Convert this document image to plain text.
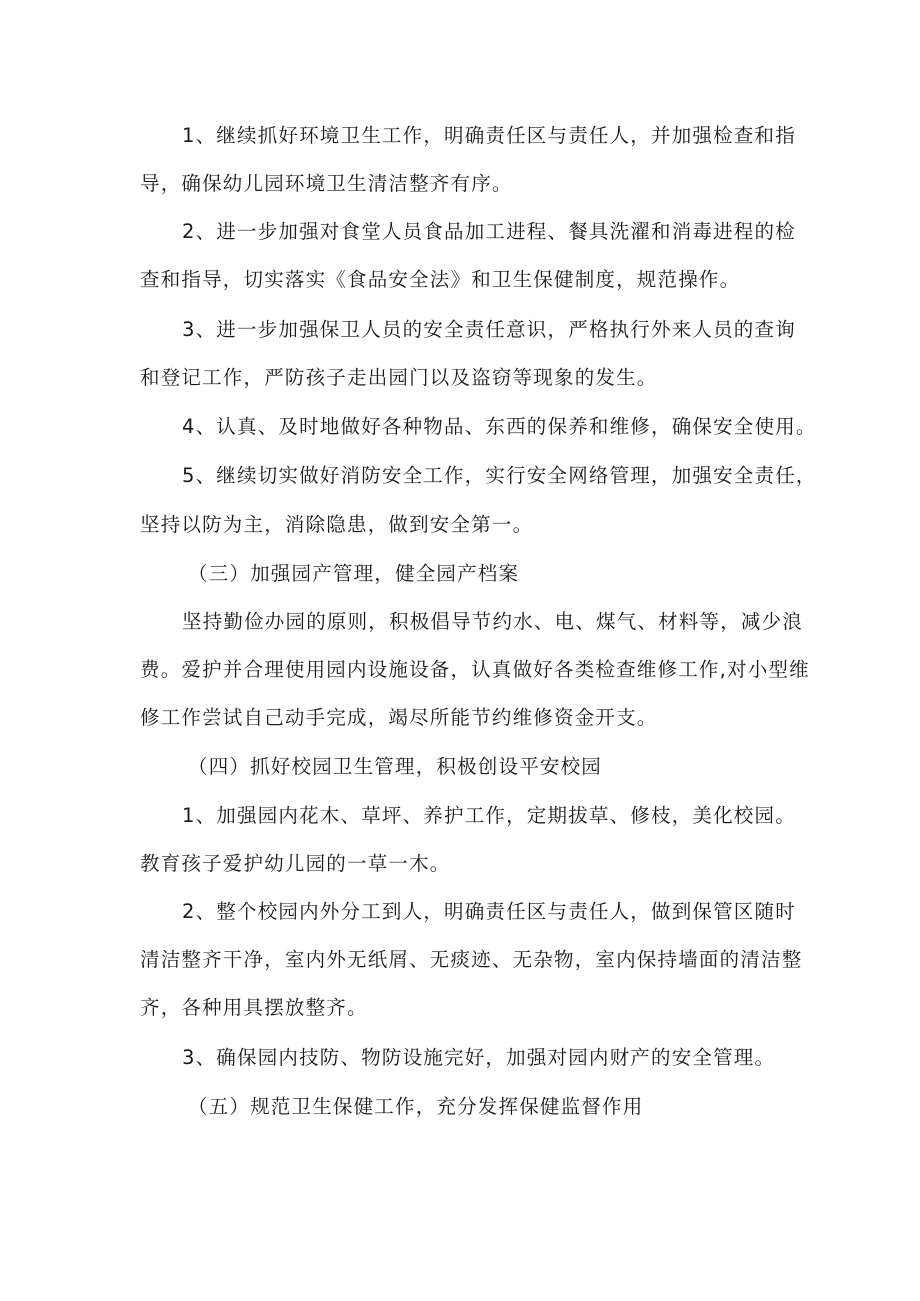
1、继续抓好环境卫生工作，明确责任区与责任人，并加强检查和指

导，确保幼儿园环境卫生清洁整齐有序。

2、进一步加强对食堂人员食品加工进程、餐具洗濯和消毒进程的检

查和指导，切实落实《食品安全法》和卫生保健制度，规范操作。

3、进一步加强保卫人员的安全责任意识，严格执行外来人员的查询

和登记工作，严防孩子走出园门以及盗窃等现象的发生。

4、认真、及时地做好各种物品、东西的保养和维修，确保安全使用。

5、继续切实做好消防安全工作，实行安全网络管理，加强安全责任，

坚持以防为主，消除隐患，做到安全第一。

（三）加强园产管理，健全园产档案

坚持勤俭办园的原则，积极倡导节约水、电、煤气、材料等，减少浪

费。爱护并合理使用园内设施设备，认真做好各类检查维修工作,对小型维

修工作尝试自己动手完成，竭尽所能节约维修资金开支。

（四）抓好校园卫生管理，积极创设平安校园

1、加强园内花木、草坪、养护工作，定期拔草、修枝，美化校园。

教育孩子爱护幼儿园的一草一木。

2、整个校园内外分工到人，明确责任区与责任人，做到保管区随时

清洁整齐干净，室内外无纸屑、无痰迹、无杂物，室内保持墙面的清洁整

齐，各种用具摆放整齐。

3、确保园内技防、物防设施完好，加强对园内财产的安全管理。

（五）规范卫生保健工作，充分发挥保健监督作用
